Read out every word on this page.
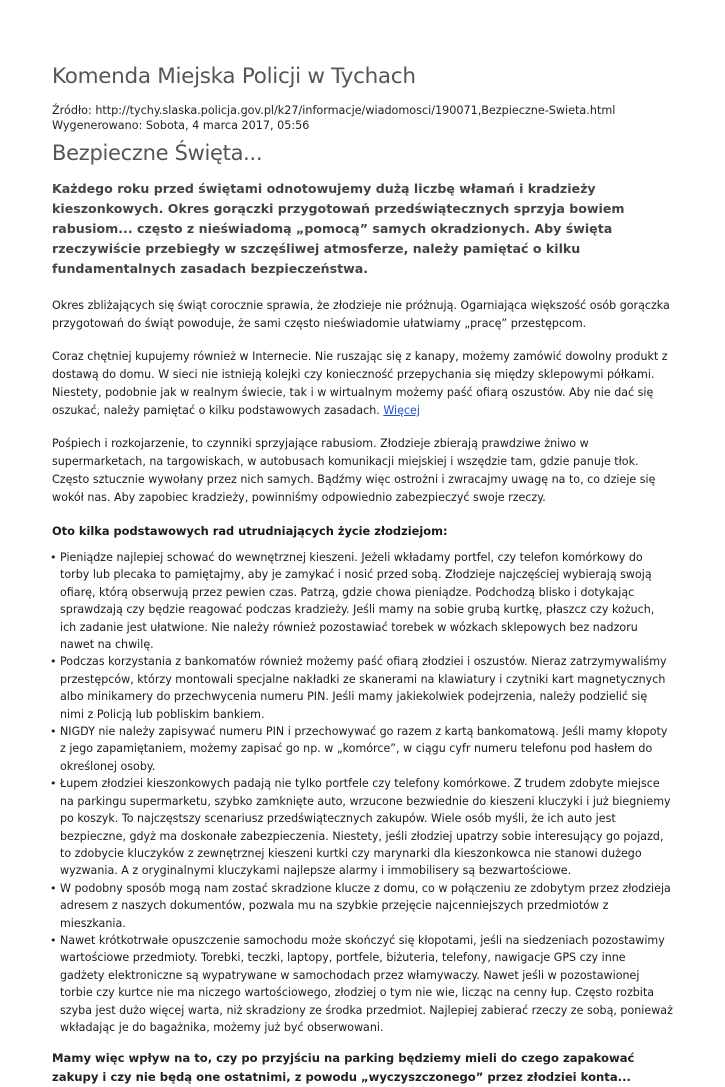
Komenda Miejska Policji w Tychach
Źródło: http://tychy.slaska.policja.gov.pl/k27/informacje/wiadomosci/190071,Bezpieczne-Swieta.html
Wygenerowano: Sobota, 4 marca 2017, 05:56
Bezpieczne Święta...
Każdego roku przed świętami odnotowujemy dużą liczbę włamań i kradzieży kieszonkowych. Okres gorączki przygotowań przedświątecznych sprzyja bowiem rabusiom... często z nieświadomą „pomocą” samych okradzionych. Aby święta rzeczywiście przebiegły w szczęśliwej atmosferze, należy pamiętać o kilku fundamentalnych zasadach bezpieczeństwa.

Okres zbliżających się świąt corocznie sprawia, że złodzieje nie próżnują. Ogarniająca większość osób gorączka przygotowań do świąt powoduje, że sami często nieświadomie ułatwiamy „pracę” przestępcom.

Coraz chętniej kupujemy również w Internecie. Nie ruszając się z kanapy, możemy zamówić dowolny produkt z dostawą do domu. W sieci nie istnieją kolejki czy konieczność przepychania się między sklepowymi półkami. Niestety, podobnie jak w realnym świecie, tak i w wirtualnym możemy paść ofiarą oszustów. Aby nie dać się oszukać, należy pamiętać o kilku podstawowych zasadach. Więcej

Pośpiech i rozkojarzenie, to czynniki sprzyjające rabusiom. Złodzieje zbierają prawdziwe żniwo w supermarketach, na targowiskach, w autobusach komunikacji miejskiej i wszędzie tam, gdzie panuje tłok. Często sztucznie wywołany przez nich samych. Bądźmy więc ostrożni i zwracajmy uwagę na to, co dzieje się wokół nas. Aby zapobiec kradzieży, powinniśmy odpowiednio zabezpieczyć swoje rzeczy.

Oto kilka podstawowych rad utrudniających życie złodziejom:
• Pieniądze najlepiej schować do wewnętrznej kieszeni. Jeżeli wkładamy portfel, czy telefon komórkowy do torby lub plecaka to pamiętajmy, aby je zamykać i nosić przed sobą. Złodzieje najczęściej wybierają swoją ofiarę, którą obserwują przez pewien czas. Patrzą, gdzie chowa pieniądze. Podchodzą blisko i dotykając sprawdzają czy będzie reagować podczas kradzieży. Jeśli mamy na sobie grubą kurtkę, płaszcz czy kożuch, ich zadanie jest ułatwione. Nie należy również pozostawiać torebek w wózkach sklepowych bez nadzoru nawet na chwilę.
• Podczas korzystania z bankomatów również możemy paść ofiarą złodziei i oszustów. Nieraz zatrzymywaliśmy przestępców, którzy montowali specjalne nakładki ze skanerami na klawiatury i czytniki kart magnetycznych albo minikamery do przechwycenia numeru PIN. Jeśli mamy jakiekolwiek podejrzenia, należy podzielić się nimi z Policją lub pobliskim bankiem.
• NIGDY nie należy zapisywać numeru PIN i przechowywać go razem z kartą bankomatową. Jeśli mamy kłopoty z jego zapamiętaniem, możemy zapisać go np. w „komórce”, w ciągu cyfr numeru telefonu pod hasłem do określonej osoby.
• Łupem złodziei kieszonkowych padają nie tylko portfele czy telefony komórkowe. Z trudem zdobyte miejsce na parkingu supermarketu, szybko zamknięte auto, wrzucone bezwiednie do kieszeni kluczyki i już biegniemy po koszyk. To najczęstszy scenariusz przedświątecznych zakupów. Wiele osób myśli, że ich auto jest bezpieczne, gdyż ma doskonałe zabezpieczenia. Niestety, jeśli złodziej upatrzy sobie interesujący go pojazd, to zdobycie kluczyków z zewnętrznej kieszeni kurtki czy marynarki dla kieszonkowca nie stanowi dużego wyzwania. A z oryginalnymi kluczykami najlepsze alarmy i immobilisery są bezwartościowe.
• W podobny sposób mogą nam zostać skradzione klucze z domu, co w połączeniu ze zdobytym przez złodzieja adresem z naszych dokumentów, pozwala mu na szybkie przejęcie najcenniejszych przedmiotów z mieszkania.
• Nawet krótkotrwałe opuszczenie samochodu może skończyć się kłopotami, jeśli na siedzeniach pozostawimy wartościowe przedmioty. Torebki, teczki, laptopy, portfele, biżuteria, telefony, nawigacje GPS czy inne gadżety elektroniczne są wypatrywane w samochodach przez włamywaczy. Nawet jeśli w pozostawionej torbie czy kurtce nie ma niczego wartościowego, złodziej o tym nie wie, licząc na cenny łup. Często rozbita szyba jest dużo więcej warta, niż skradziony ze środka przedmiot. Najlepiej zabierać rzeczy ze sobą, ponieważ wkładając je do bagażnika, możemy już być obserwowani.
Mamy więc wpływ na to, czy po przyjściu na parking będziemy mieli do czego zapakować zakupy i czy nie będą one ostatnimi, z powodu „wyczyszczonego” przez złodziei konta...
